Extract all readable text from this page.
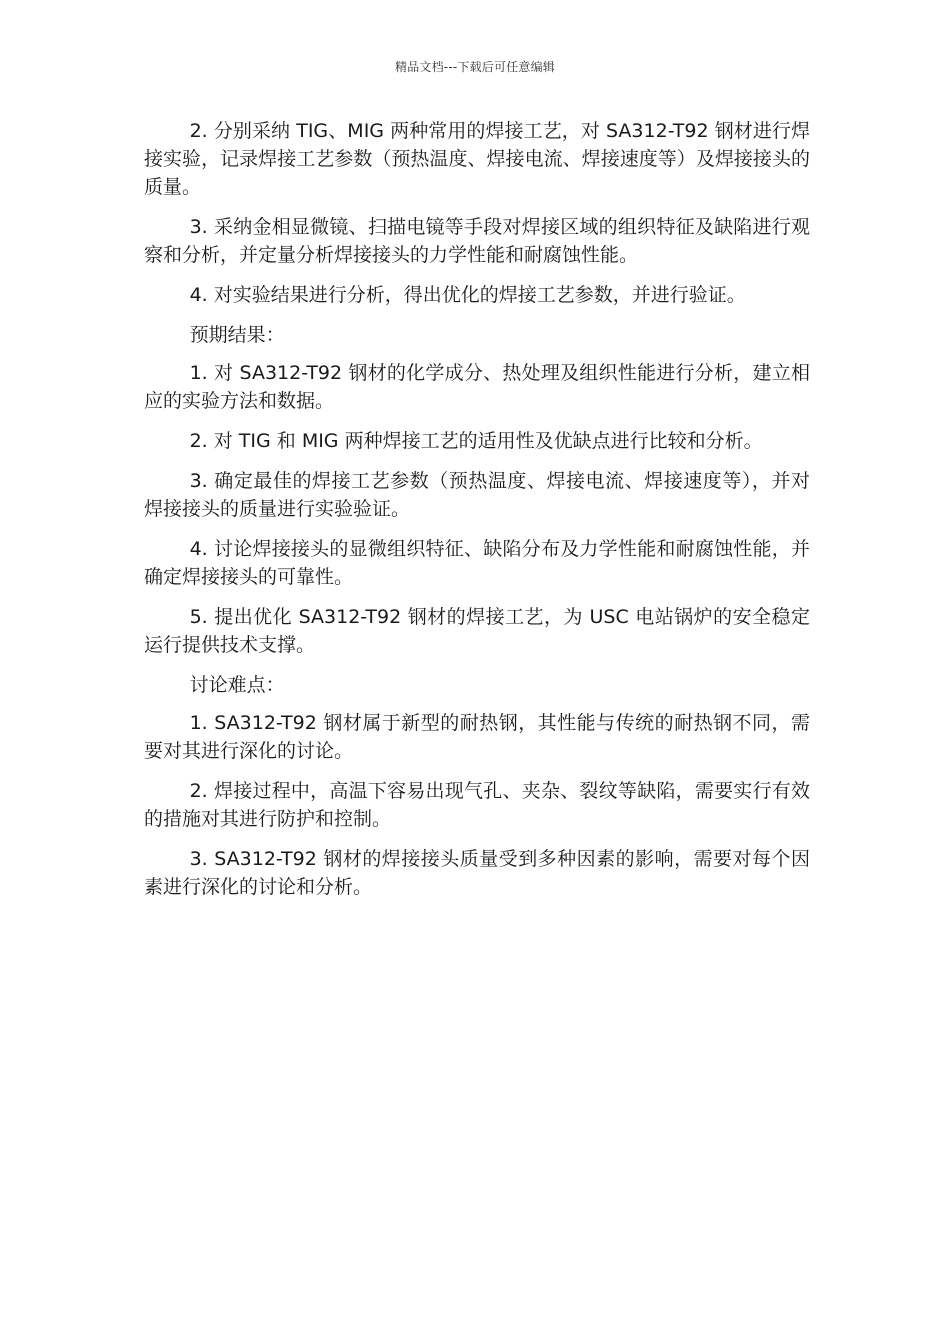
精品文档---下载后可任意编辑

2. 分别采纳 TIG、MIG 两种常用的焊接工艺，对 SA312-T92 钢材进行焊接实验，记录焊接工艺参数（预热温度、焊接电流、焊接速度等）及焊接接头的质量。

3. 采纳金相显微镜、扫描电镜等手段对焊接区域的组织特征及缺陷进行观察和分析，并定量分析焊接接头的力学性能和耐腐蚀性能。

4. 对实验结果进行分析，得出优化的焊接工艺参数，并进行验证。

预期结果：

1. 对 SA312-T92 钢材的化学成分、热处理及组织性能进行分析，建立相应的实验方法和数据。

2. 对 TIG 和 MIG 两种焊接工艺的适用性及优缺点进行比较和分析。

3. 确定最佳的焊接工艺参数（预热温度、焊接电流、焊接速度等），并对焊接接头的质量进行实验验证。

4. 讨论焊接接头的显微组织特征、缺陷分布及力学性能和耐腐蚀性能，并确定焊接接头的可靠性。

5. 提出优化 SA312-T92 钢材的焊接工艺，为 USC 电站锅炉的安全稳定运行提供技术支撑。

讨论难点：

1. SA312-T92 钢材属于新型的耐热钢，其性能与传统的耐热钢不同，需要对其进行深化的讨论。

2. 焊接过程中，高温下容易出现气孔、夹杂、裂纹等缺陷，需要实行有效的措施对其进行防护和控制。

3. SA312-T92 钢材的焊接接头质量受到多种因素的影响，需要对每个因素进行深化的讨论和分析。
